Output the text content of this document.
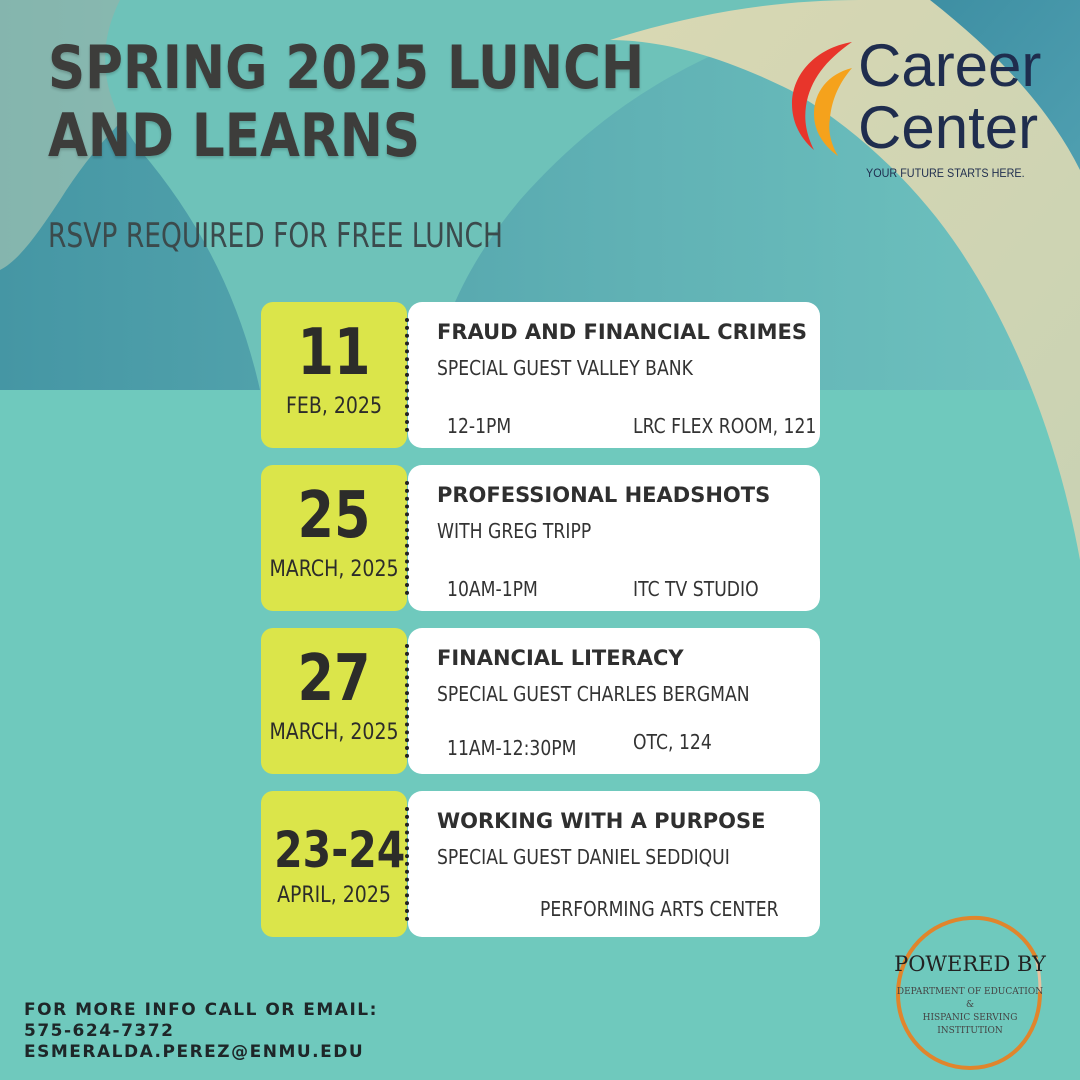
SPRING 2025 LUNCH
AND LEARNS

RSVP REQUIRED FOR FREE LUNCH

Career
Center
YOUR FUTURE STARTS HERE.
11
FEB, 2025
FRAUD AND FINANCIAL CRIMES
SPECIAL GUEST VALLEY BANK
12-1PM	LRC FLEX ROOM, 121
25
MARCH, 2025
PROFESSIONAL HEADSHOTS
WITH GREG TRIPP
10AM-1PM	ITC TV STUDIO
27
MARCH, 2025
FINANCIAL LITERACY
SPECIAL GUEST CHARLES BERGMAN
11AM-12:30PM	OTC, 124
23-24
APRIL, 2025
WORKING WITH A PURPOSE
SPECIAL GUEST DANIEL SEDDIQUI
PERFORMING ARTS CENTER
FOR MORE INFO CALL OR EMAIL:
575-624-7372
ESMERALDA.PEREZ@ENMU.EDU
POWERED BY
DEPARTMENT OF EDUCATION
&
HISPANIC SERVING
INSTITUTION
